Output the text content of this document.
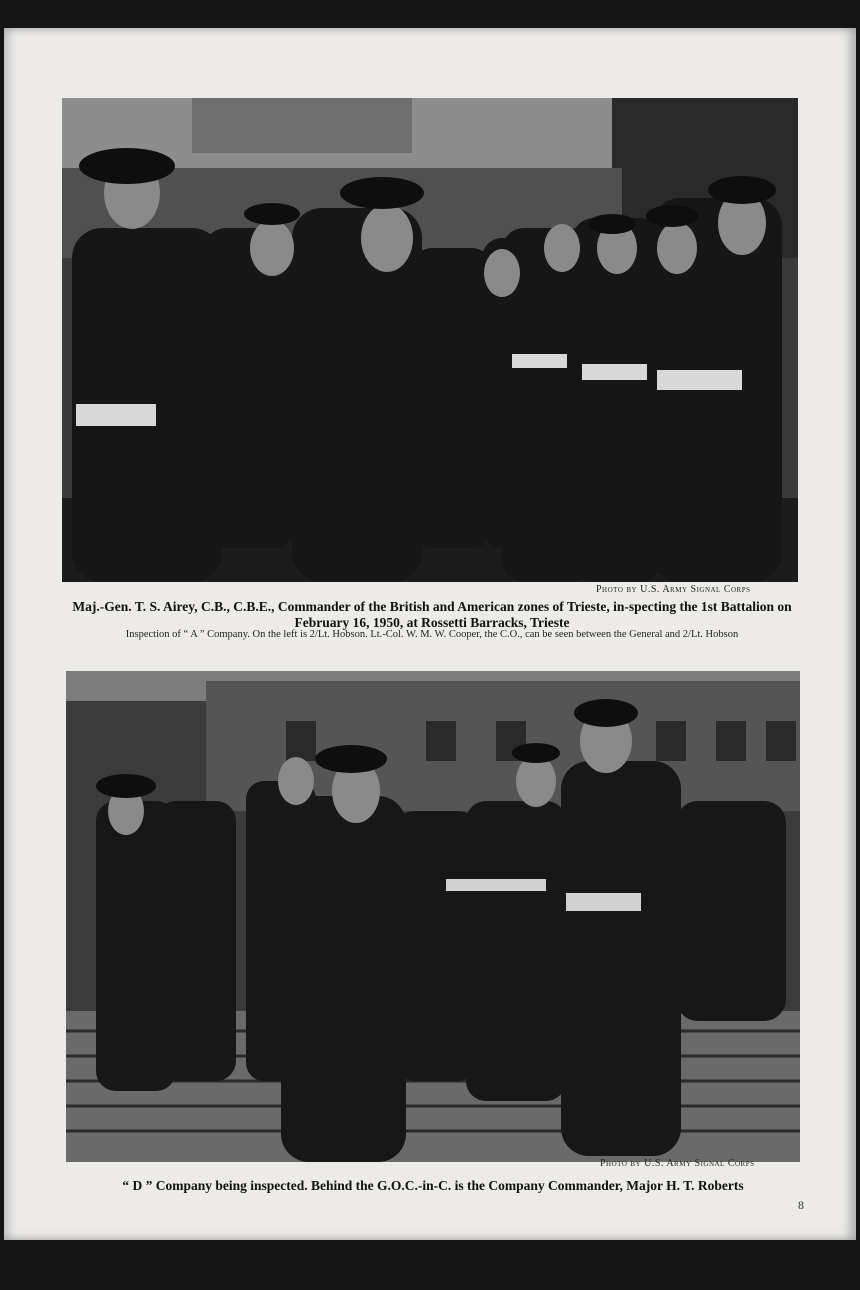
Photo by U.S. Army Signal Corps
Maj.-Gen. T. S. Airey, C.B., C.B.E., Commander of the British and American zones of Trieste, in-specting the 1st Battalion on February 16, 1950, at Rossetti Barracks, Trieste
Inspection of “ A ” Company. On the left is 2/Lt. Hobson. Lt.-Col. W. M. W. Cooper, the C.O., can be seen between the General and 2/Lt. Hobson
Photo by U.S. Army Signal Corps
“ D ” Company being inspected. Behind the G.O.C.-in-C. is the Company Commander, Major H. T. Roberts
8
